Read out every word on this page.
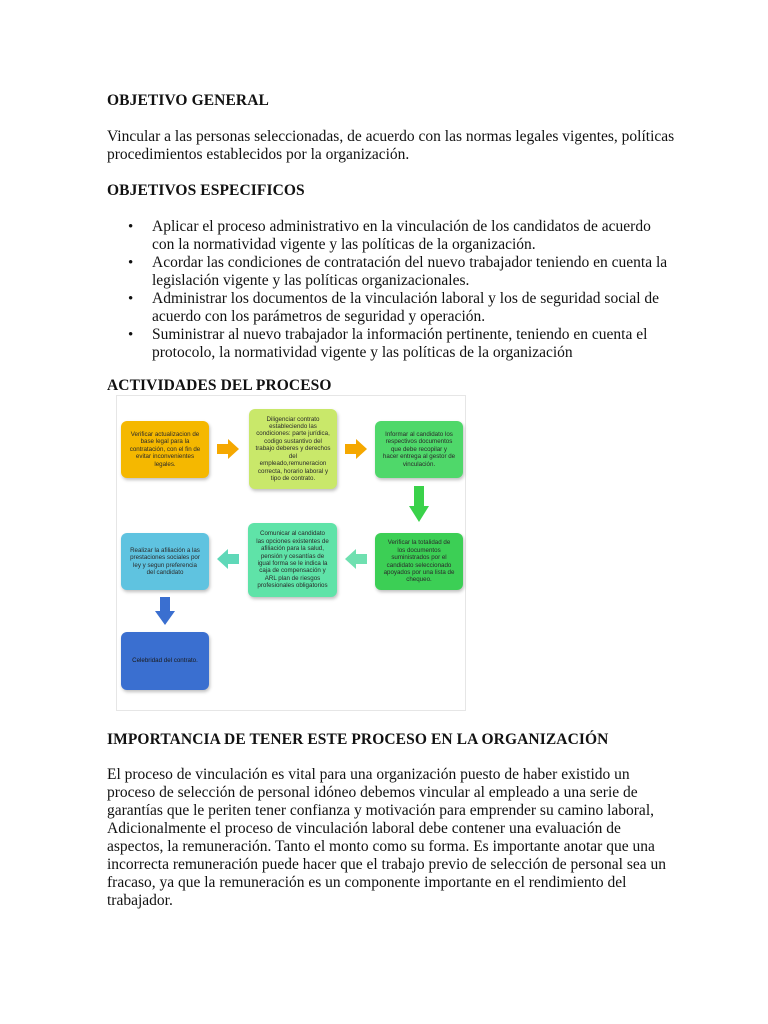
OBJETIVO GENERAL
Vincular a las personas seleccionadas, de acuerdo con las normas legales vigentes, políticas
procedimientos establecidos por la organización.
OBJETIVOS ESPECIFICOS
• Aplicar el proceso administrativo en la vinculación de los candidatos de acuerdo
con la normatividad vigente y las políticas de la organización.
• Acordar las condiciones de contratación del nuevo trabajador teniendo en cuenta la
legislación vigente y las políticas organizacionales.
• Administrar los documentos de la vinculación laboral y los de seguridad social de
acuerdo con los parámetros de seguridad y operación.
• Suministrar al nuevo trabajador la información pertinente, teniendo en cuenta el
protocolo, la normatividad vigente y las políticas de la organización
ACTIVIDADES DEL PROCESO
Verificar actualizacion de
base legal para la
contratación, con el fin de
evitar inconvenientes
legales.
Diligenciar contrato
estableciendo las
condiciones: parte jurídica,
codigo sustantivo del
trabajo deberes y derechos
del
empleado,remuneracion
correcta, horario laboral y
tipo de contrato.
Informar al candidato los
respectivos documentos
que debe recopilar y
hacer entrega al gestor de
vinculación.
Verificar la totalidad de
los documentos
suministrados por el
candidato seleccionado
apoyados por una lista de
chequeo.
Comunicar al candidato
las opciones existentes de
afiliación para la salud,
pensión y cesantías de
igual forma se le indica la
caja de compensación y
ARL plan de riesgos
profesionales obligatorios
Realizar la afiliación a las
prestaciones sociales por
ley y segun preferencia
del candidato
Celebridad del contrato.
IMPORTANCIA DE TENER ESTE PROCESO EN LA ORGANIZACIÓN
El proceso de vinculación es vital para una organización puesto de haber existido un
proceso de selección de personal idóneo debemos vincular al empleado a una serie de
garantías que le periten tener confianza y motivación para emprender su camino laboral,
Adicionalmente el proceso de vinculación laboral debe contener una evaluación de
aspectos, la remuneración. Tanto el monto como su forma. Es importante anotar que una
incorrecta remuneración puede hacer que el trabajo previo de selección de personal sea un
fracaso, ya que la remuneración es un componente importante en el rendimiento del
trabajador.
